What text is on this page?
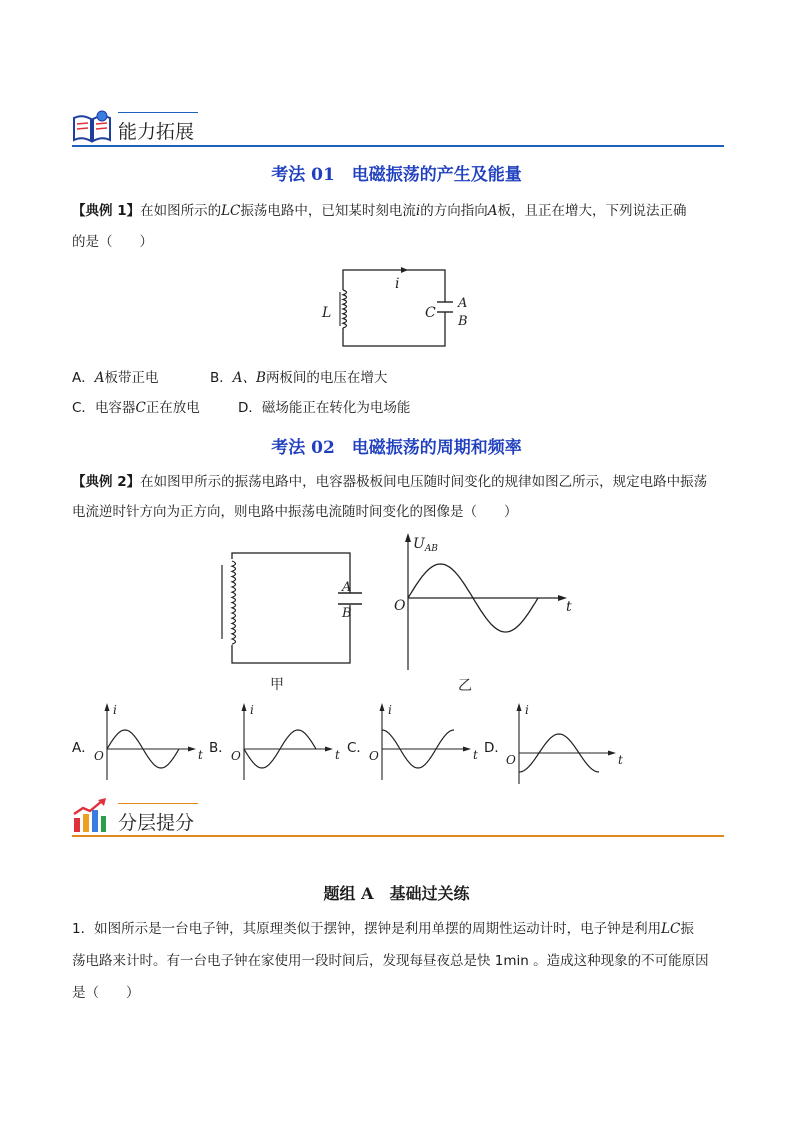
能力拓展
考法 01　电磁振荡的产生及能量
【典例 1】在如图所示的LC振荡电路中，已知某时刻电流i的方向指向A板，且正在增大，下列说法正确
的是（　　）
i
L	C
A
B
A．A板带正电	B．A、B两板间的电压在增大
C．电容器C正在放电	D．磁场能正在转化为电场能
考法 02　电磁振荡的周期和频率
【典例 2】在如图甲所示的振荡电路中，电容器极板间电压随时间变化的规律如图乙所示，规定电路中振荡
电流逆时针方向为正方向，则电路中振荡电流随时间变化的图像是（　　）
A
B
甲
$U_{AB}$
O	t
乙
A．
i
O	t B．
i
O	t C．
i
O	t D．
i
O	t
分层提分
题组 A　基础过关练
1．如图所示是一台电子钟，其原理类似于摆钟，摆钟是利用单摆的周期性运动计时，电子钟是利用LC振
荡电路来计时。有一台电子钟在家使用一段时间后，发现每昼夜总是快 1min 。造成这种现象的不可能原因
是（　　）
